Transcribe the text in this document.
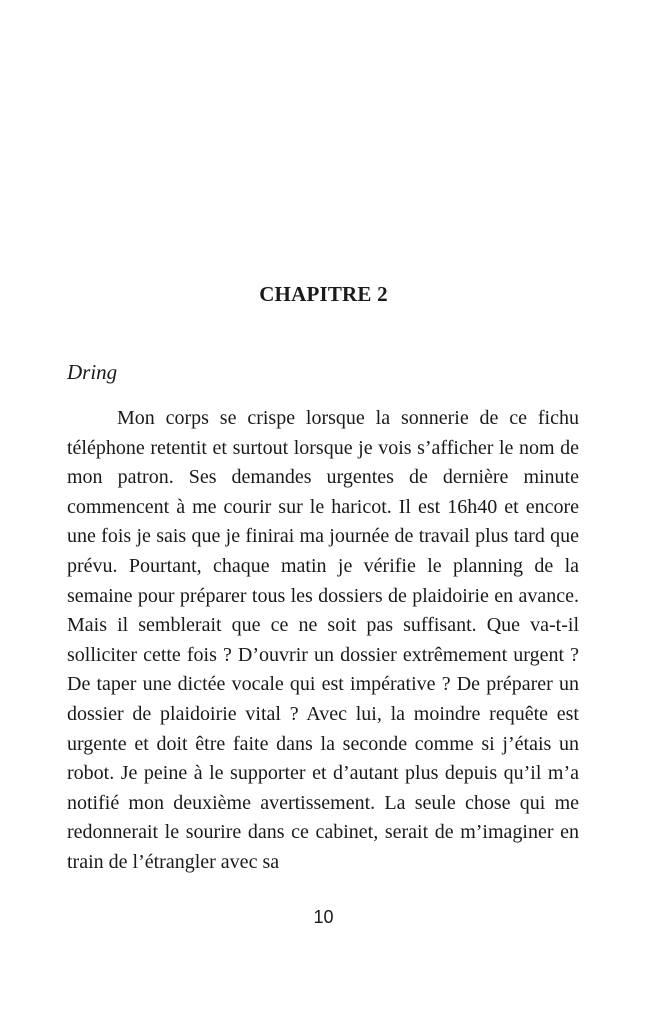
CHAPITRE 2
Dring

Mon corps se crispe lorsque la sonnerie de ce fichu téléphone retentit et surtout lorsque je vois s’afficher le nom de mon patron. Ses demandes urgentes de dernière minute commencent à me courir sur le haricot. Il est 16h40 et encore une fois je sais que je finirai ma journée de travail plus tard que prévu. Pourtant, chaque matin je vérifie le planning de la semaine pour préparer tous les dossiers de plaidoirie en avance. Mais il semblerait que ce ne soit pas suffisant. Que va-t-il solliciter cette fois ? D’ouvrir un dossier extrêmement urgent ? De taper une dictée vocale qui est impérative ? De préparer un dossier de plaidoirie vital ? Avec lui, la moindre requête est urgente et doit être faite dans la seconde comme si j’étais un robot. Je peine à le supporter et d’autant plus depuis qu’il m’a notifié mon deuxième avertissement. La seule chose qui me redonnerait le sourire dans ce cabinet, serait de m’imaginer en train de l’étrangler avec sa

10
